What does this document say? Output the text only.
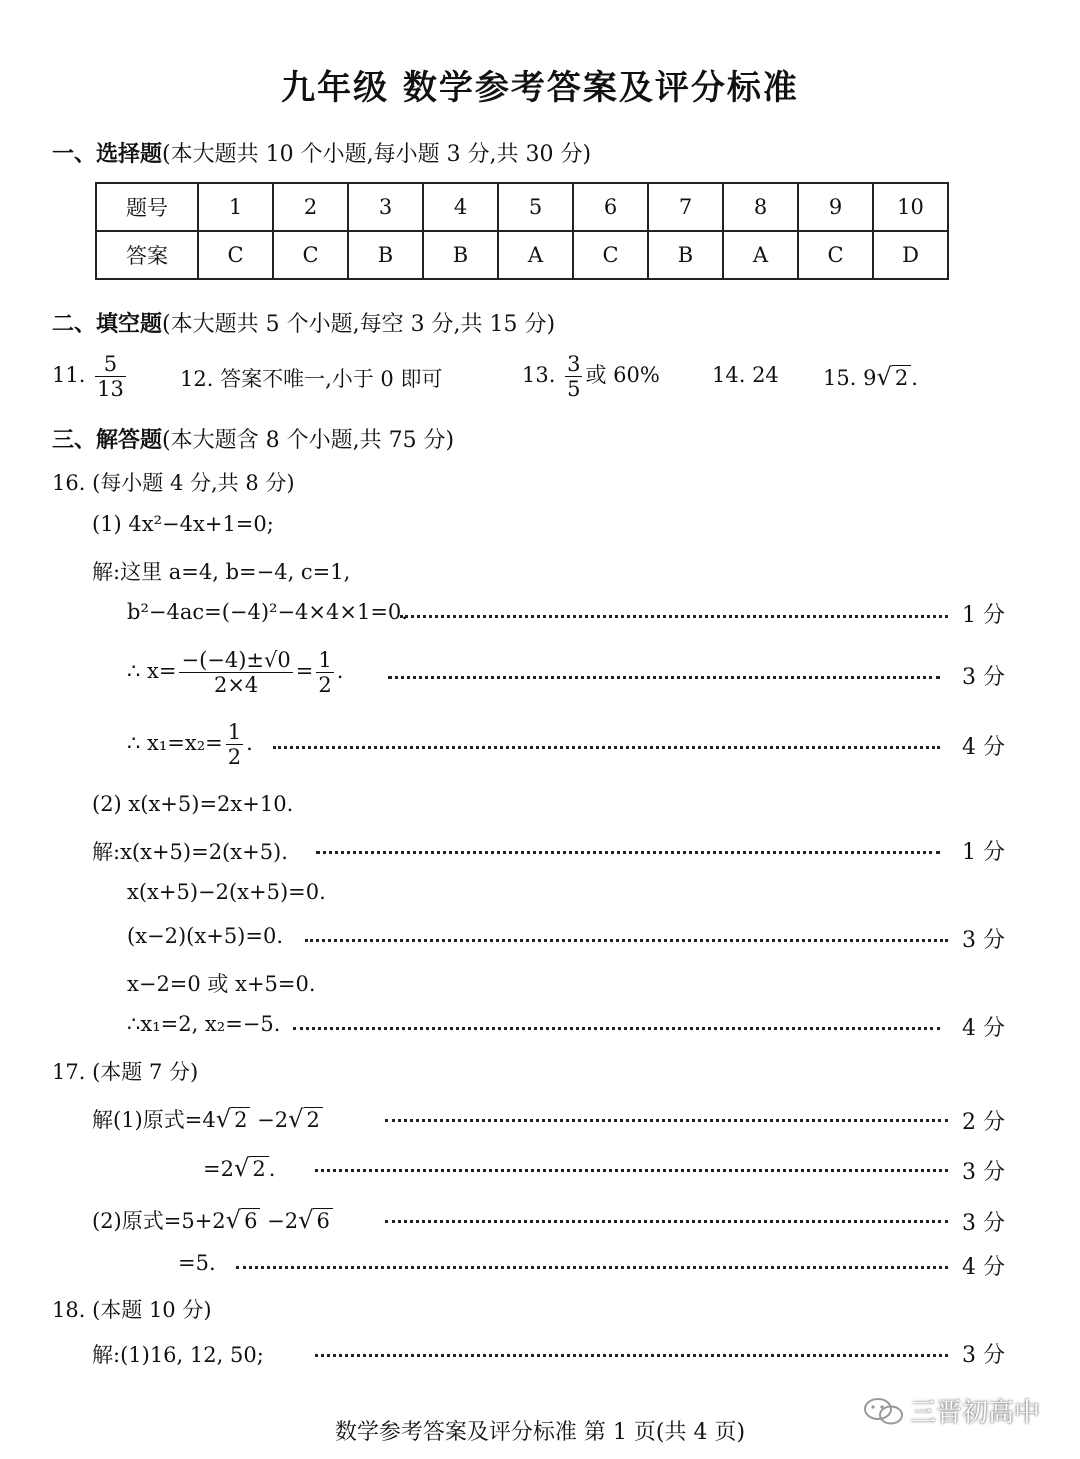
九年级 数学参考答案及评分标准
一、选择题(本大题共 10 个小题,每小题 3 分,共 30 分)
题号	1	2	3	4	5	6	7	8	9	10
答案	C	C	B	B	A	C	B	A	C	D
二、填空题(本大题共 5 个小题,每空 3 分,共 15 分)
11. $\frac{5}{13}$	12. 答案不唯一,小于 0 即可	13. $\frac{3}{5}$ 或 60% 14. 24 15. 9√ 2 .
三、解答题(本大题含 8 个小题,共 75 分)
16. (每小题 4 分,共 8 分)
(1) 4x²−4x+1=0;
解:这里 a=4, b=−4, c=1,
b²−4ac=(−4)²−4×4×1=0.	1 分
∴ $x= \frac{-(-4)\pm√0}{2\times 4} = \frac{1}{2}$ .	3 分
∴ $x_1=x_2= \frac{1}{2}$ .	4 分
(2) x(x+5)=2x+10.
解:x(x+5)=2(x+5).	1 分
x(x+5)−2(x+5)=0.
(x−2)(x+5)=0.	3 分
x−2=0 或 x+5=0.
∴x₁=2, x₂=−5.	4 分
17. (本题 7 分)
解(1)原式=4√ 2 −2√ 2	2 分
=2√ 2 .	3 分
(2)原式=5+2√ 6 −2√ 6	3 分
=5.	4 分
18. (本题 10 分)
解:(1)16, 12, 50;	3 分
三晋初高中
数学参考答案及评分标准 第 1 页(共 4 页)
